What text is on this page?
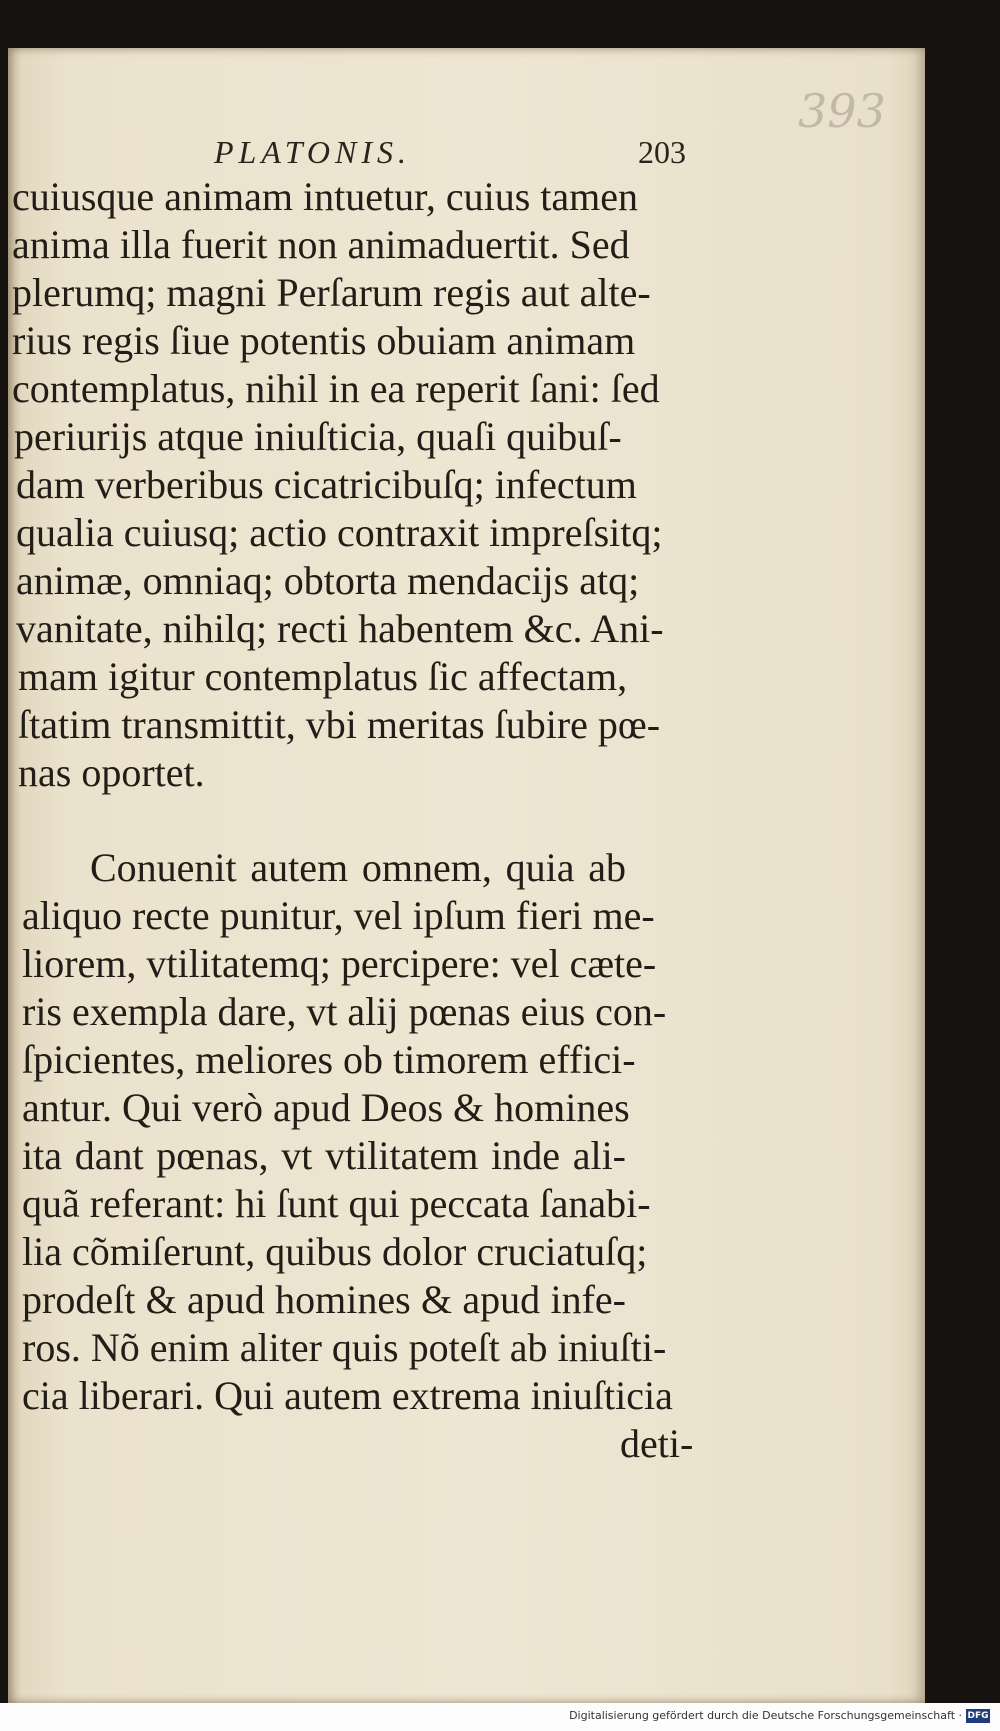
393
PLATONIS.	203
cuiusque animam intuetur, cuius tamen
anima illa fuerit non animaduertit. Sed
plerumq; magni Perſarum regis aut alte-
rius regis ſiue potentis obuiam animam
contemplatus, nihil in ea reperit ſani: ſed
periurijs atque iniuſticia, quaſi quibuſ-
dam verberibus cicatricibuſq; infectum
qualia cuiusq; actio contraxit impreſsitq;
animæ, omniaq; obtorta mendacijs atq;
vanitate, nihilq; recti habentem &c. Ani-
mam igitur contemplatus ſic affectam,
ſtatim transmittit, vbi meritas ſubire pœ-
nas oportet.
Conuenit autem omnem, quia ab
aliquo recte punitur, vel ipſum fieri me-
liorem, vtilitatemq; percipere: vel cæte-
ris exempla dare, vt alij pœnas eius con-
ſpicientes, meliores ob timorem effici-
antur. Qui verò apud Deos & homines
ita dant pœnas, vt vtilitatem inde ali-
quã referant: hi ſunt qui peccata ſanabi-
lia cõmiſerunt, quibus dolor cruciatuſq;
prodeſt & apud homines & apud infe-
ros. Nõ enim aliter quis poteſt ab iniuſti-
cia liberari. Qui autem extrema iniuſticia
deti-
Digitalisierung gefördert durch die Deutsche Forschungsgemeinschaft · DFG
